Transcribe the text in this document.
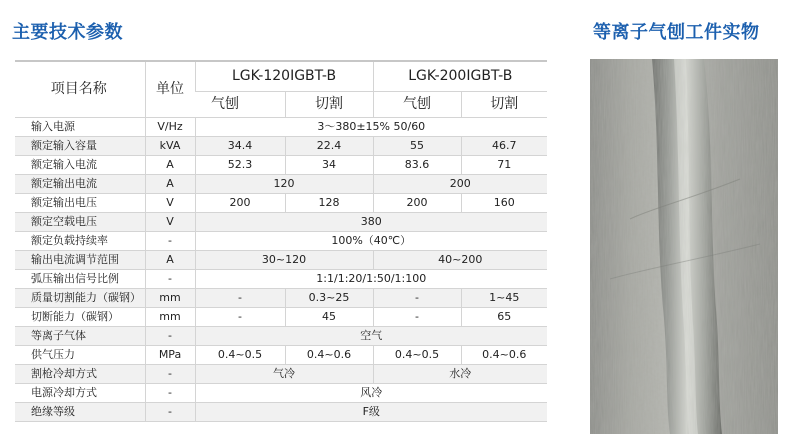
主要技术参数	等离子气刨工件实物
项目名称	单位	LGK-120IGBT-B		LGK-200IGBT-B	
		气刨	切割	气刨	切割
输入电源	V/Hz	3～380±15% 50/60			
额定输入容量	kVA	34.4	22.4	55	46.7
额定输入电流	A	52.3	34	83.6	71
额定输出电流	A	120		200	
额定输出电压	V	200	128	200	160
额定空载电压	V	380			
额定负载持续率	-	100%（40℃）			
输出电流调节范围	A	30~120		40~200	
弧压输出信号比例	-	1:1/1:20/1:50/1:100			
质量切割能力（碳钢）	mm	-	0.3~25	-	1~45
切断能力（碳钢）	mm	-	45	-	65
等离子气体	-	空气			
供气压力	MPa	0.4~0.5	0.4~0.6	0.4~0.5	0.4~0.6
割枪冷却方式	-	气冷		水冷	
电源冷却方式	-	风冷			
绝缘等级	-	F级			
